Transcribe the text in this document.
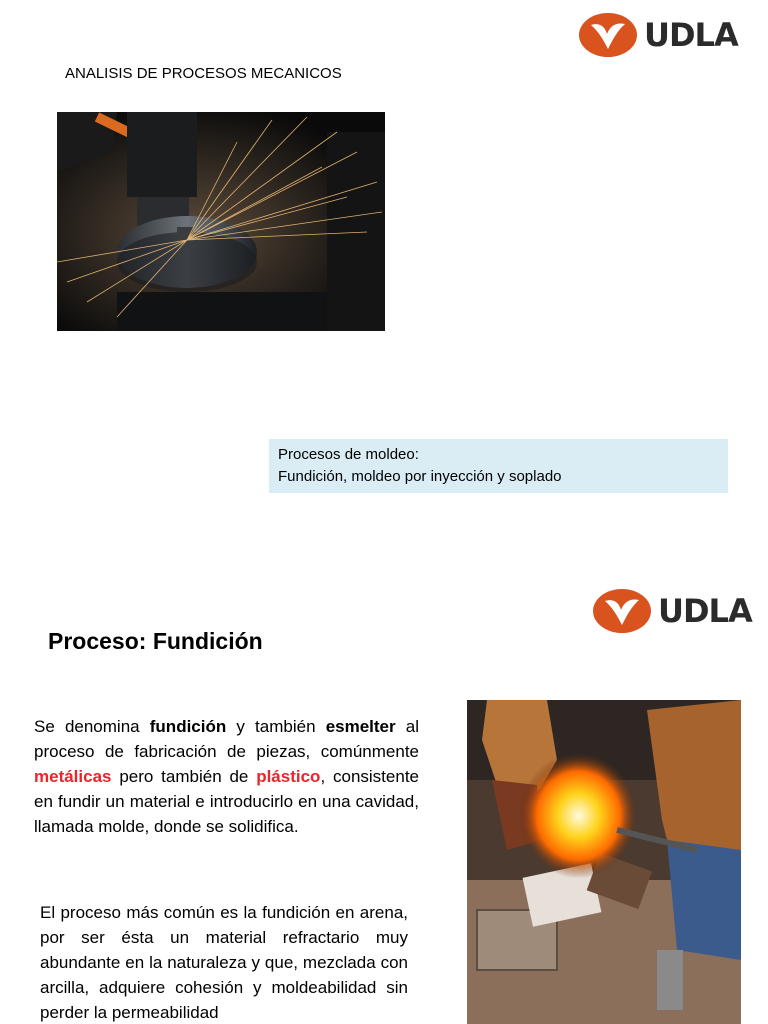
UDLA
ANALISIS DE PROCESOS MECANICOS
Procesos de moldeo:
Fundición, moldeo por inyección y soplado
UDLA
Proceso: Fundición
Se denomina fundición y también esmelter al proceso de fabricación de piezas, comúnmente metálicas pero también de plástico, consistente en fundir un material e introducirlo en una cavidad, llamada molde, donde se solidifica.
El proceso más común es la fundición en arena, por ser ésta un material refractario muy abundante en la naturaleza y que, mezclada con arcilla, adquiere cohesión y moldeabilidad sin perder la permeabilidad
